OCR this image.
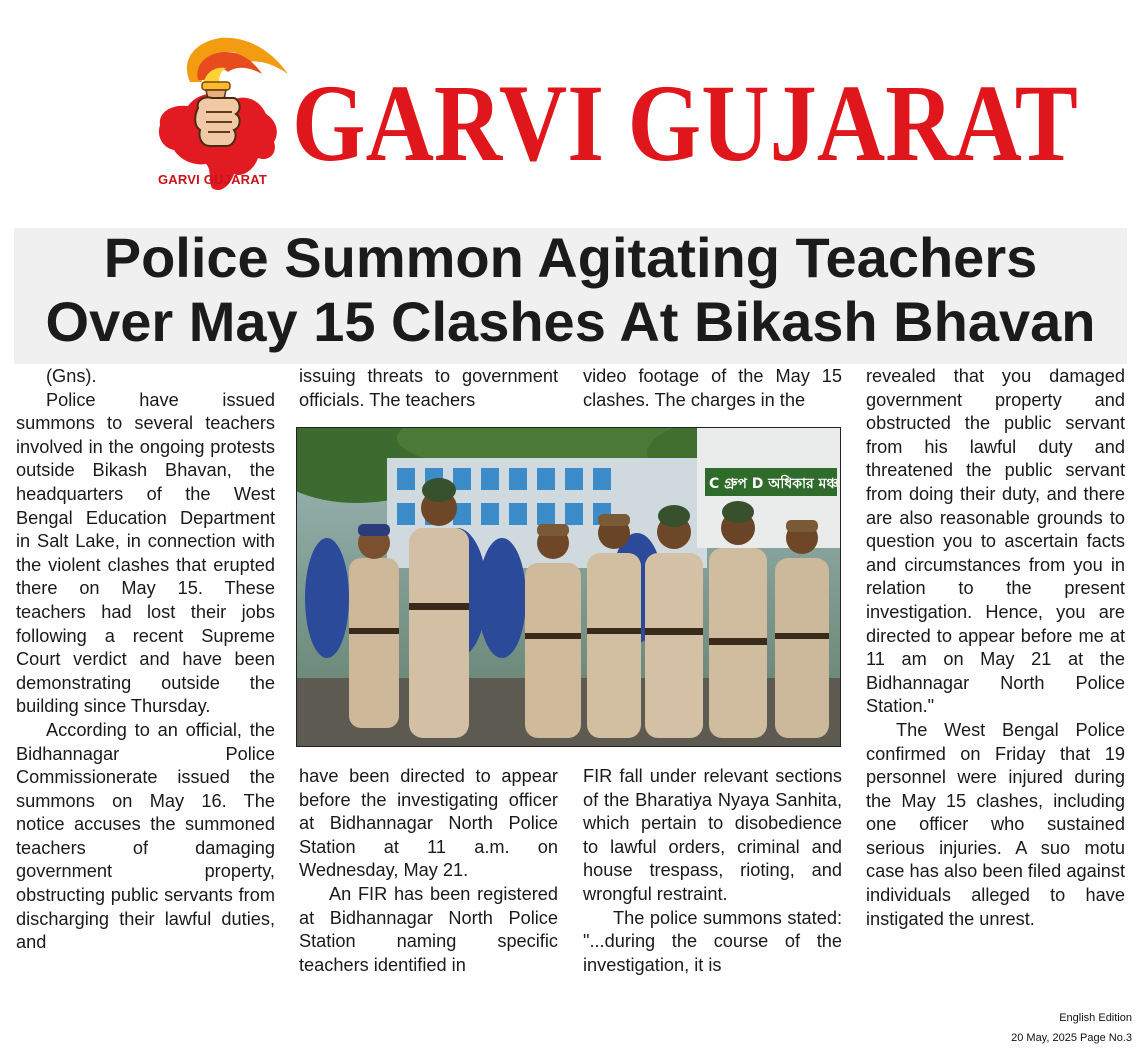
GARVI GUJARAT GARVI GUJARAT
Police Summon Agitating Teachers
Over May 15 Clashes At Bikash Bhavan

(Gns).

Police have issued summons to several teachers involved in the ongoing protests outside Bikash Bhavan, the headquarters of the West Bengal Education Department in Salt Lake, in connection with the violent clashes that erupted there on May 15. These teachers had lost their jobs following a recent Supreme Court verdict and have been demonstrating outside the building since Thursday.

According to an official, the Bidhannagar Police Commissionerate issued the summons on May 16. The notice accuses the summoned teachers of damaging government property, obstructing public servants from discharging their lawful duties, and

issuing threats to government officials. The teachers

video footage of the May 15 clashes. The charges in the

C গ্রুপ D অধিকার মঞ্চ

have been directed to appear before the investigating officer at Bidhannagar North Police Station at 11 a.m. on Wednesday, May 21.

An FIR has been registered at Bidhannagar North Police Station naming specific teachers identified in

FIR fall under relevant sections of the Bharatiya Nyaya Sanhita, which pertain to disobedience to lawful orders, criminal and house trespass, rioting, and wrongful restraint.

The police summons stated: "...during the course of the investigation, it is

revealed that you damaged government property and obstructed the public servant from his lawful duty and threatened the public servant from doing their duty, and there are also reasonable grounds to question you to ascertain facts and circumstances from you in relation to the present investigation. Hence, you are directed to appear before me at 11 am on May 21 at the Bidhannagar North Police Station."

The West Bengal Police confirmed on Friday that 19 personnel were injured during the May 15 clashes, including one officer who sustained serious injuries. A suo motu case has also been filed against individuals alleged to have instigated the unrest.

English Edition
20 May, 2025 Page No.3
